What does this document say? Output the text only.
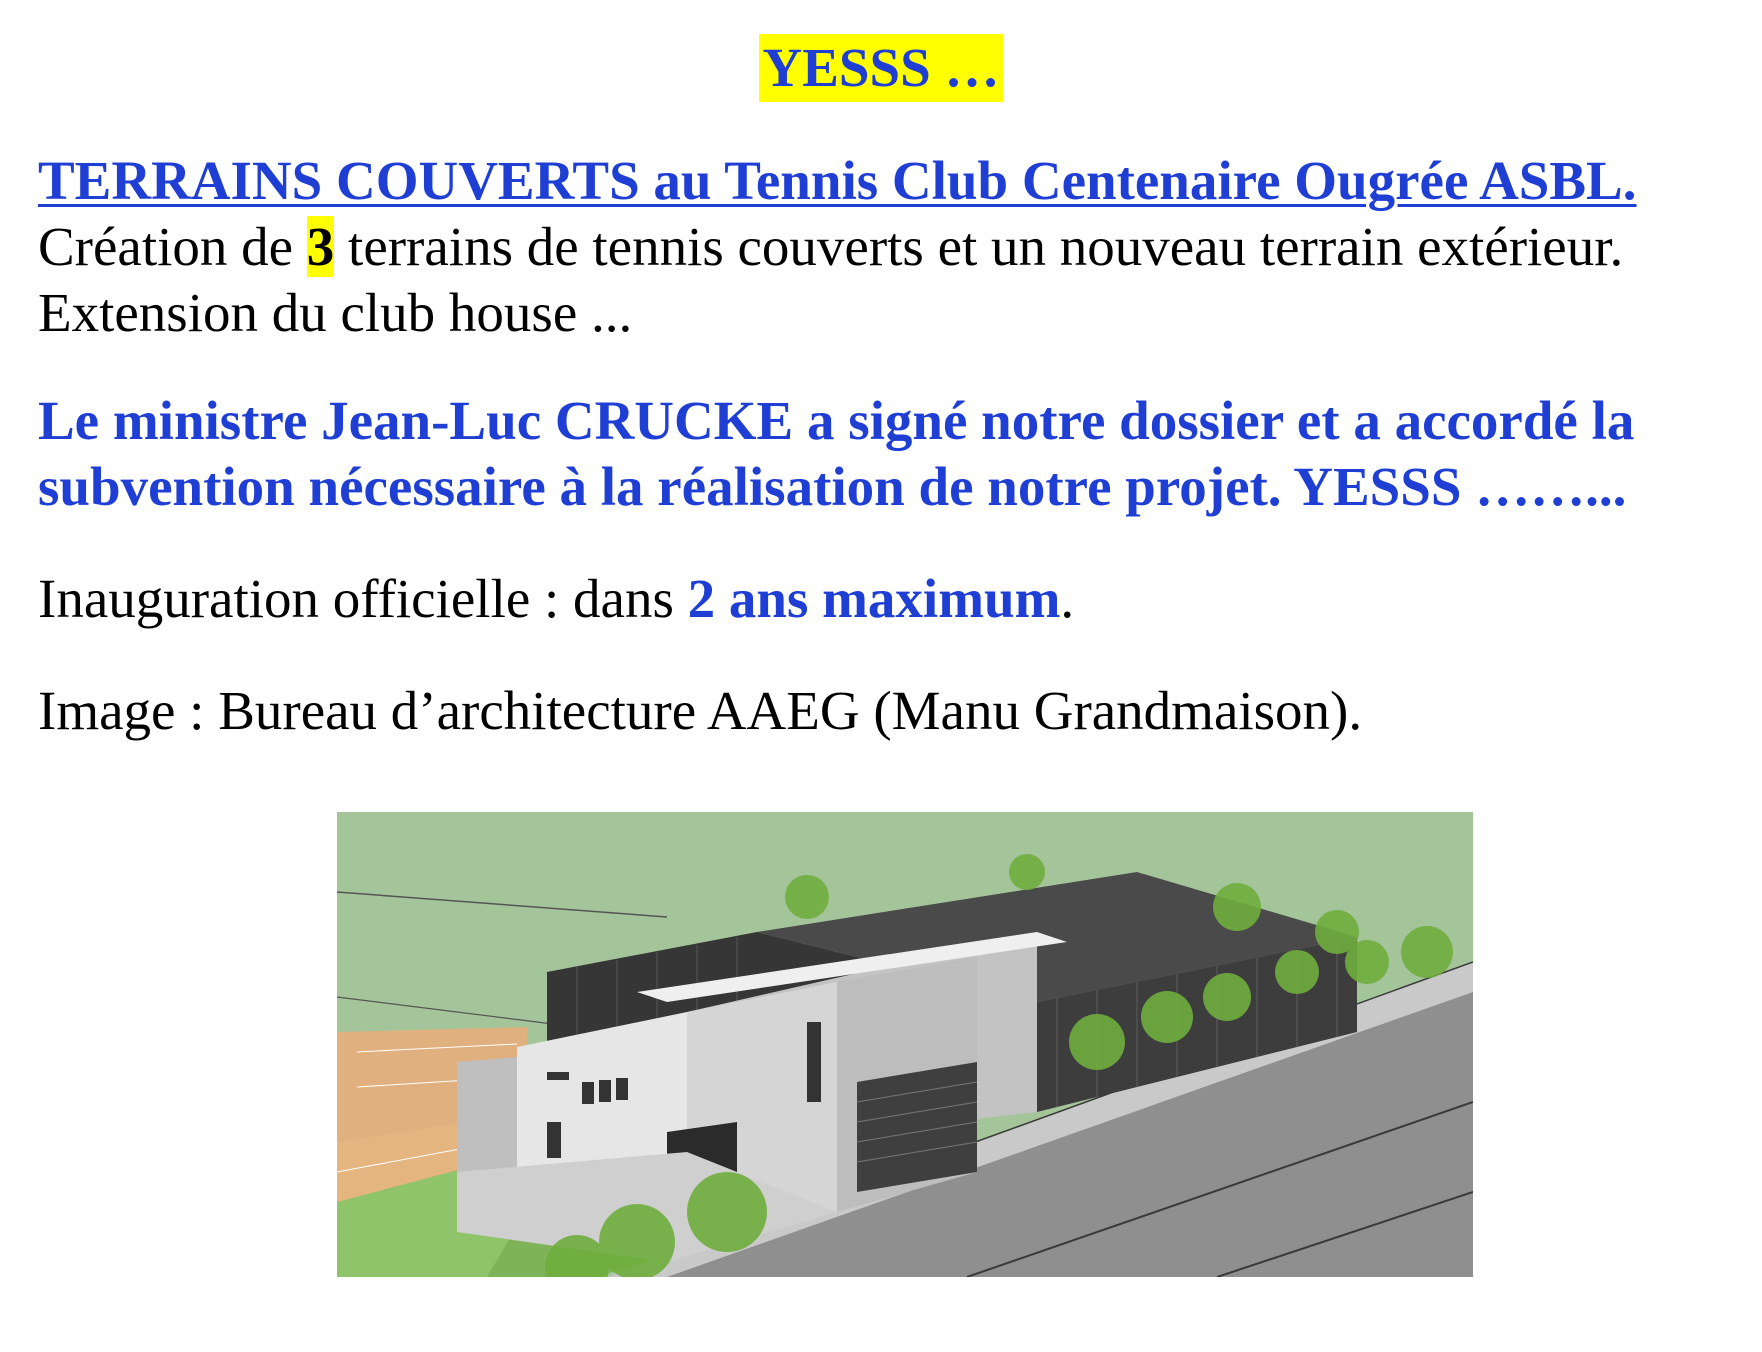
YESSS …
TERRAINS COUVERTS au Tennis Club Centenaire Ougrée ASBL.
Création de 3 terrains de tennis couverts et un nouveau terrain extérieur.
Extension du club house ...
Le ministre Jean-Luc CRUCKE a signé notre dossier et a accordé la
subvention nécessaire à la réalisation de notre projet. YESSS ……...
Inauguration officielle : dans 2 ans maximum.
Image : Bureau d’architecture AAEG (Manu Grandmaison).
